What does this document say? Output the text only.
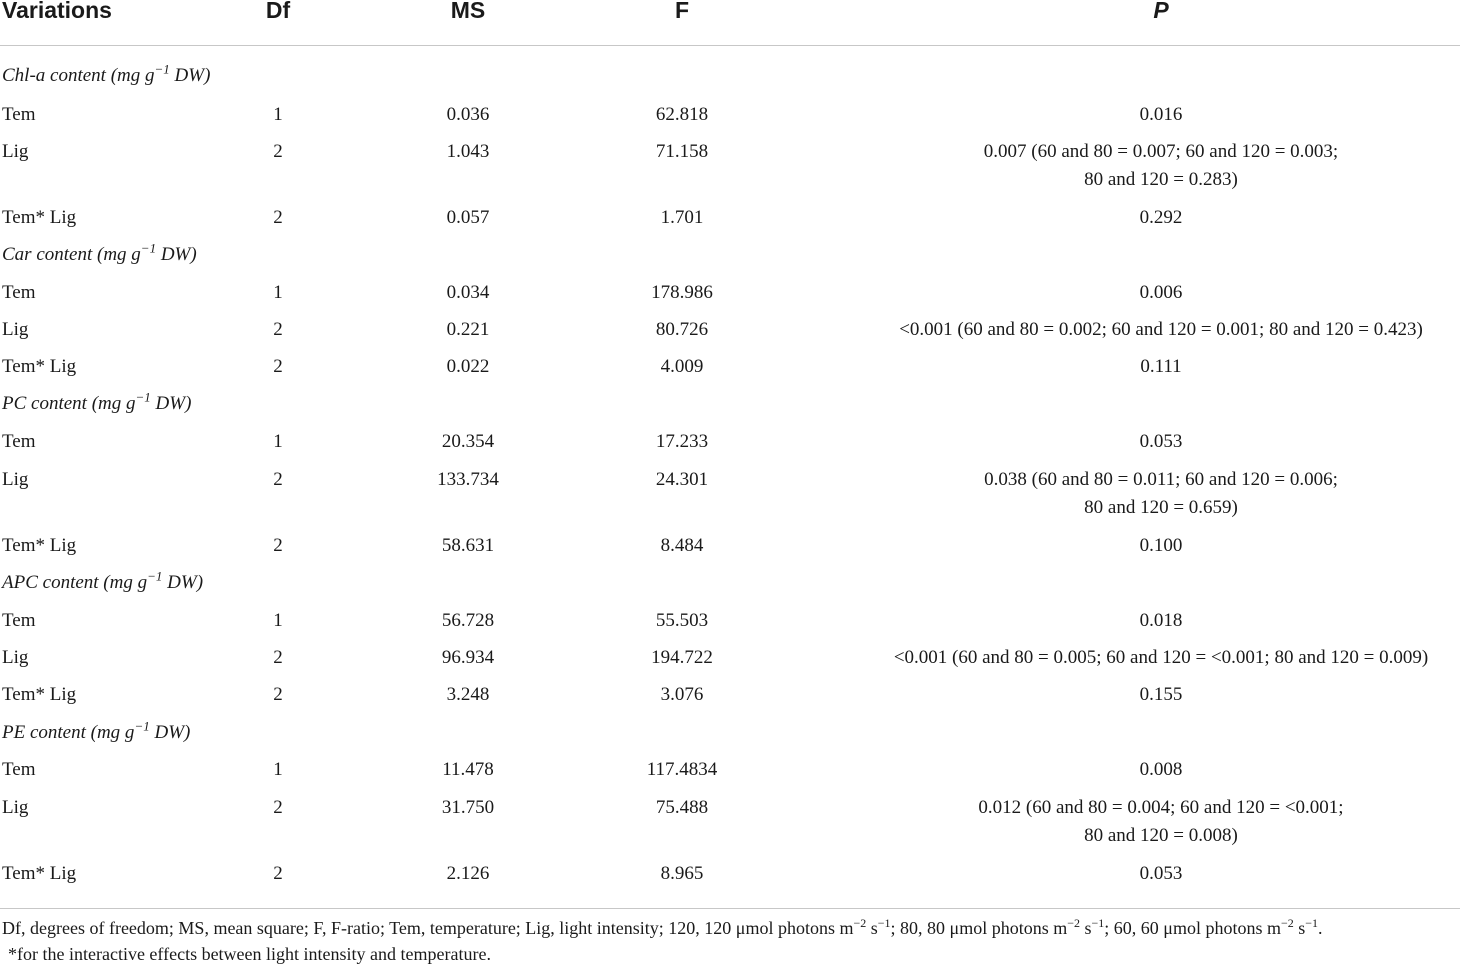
Variations	Df	MS	F	P
Chl-a content (mg $g^{-1}$ DW)
Tem	1	0.036	62.818	0.016
Lig	2	1.043	71.158	0.007 (60 and 80 = 0.007; 60 and 120 = 0.003;
80 and 120 = 0.283)
Tem* Lig	2	0.057	1.701	0.292
Car content (mg $g^{-1}$ DW)
Tem	1	0.034	178.986	0.006
Lig	2	0.221	80.726	<0.001 (60 and 80 = 0.002; 60 and 120 = 0.001; 80 and 120 = 0.423)
Tem* Lig	2	0.022	4.009	0.111
PC content (mg $g^{-1}$ DW)
Tem	1	20.354	17.233	0.053
Lig	2	133.734	24.301	0.038 (60 and 80 = 0.011; 60 and 120 = 0.006;
80 and 120 = 0.659)
Tem* Lig	2	58.631	8.484	0.100
APC content (mg $g^{-1}$ DW)
Tem	1	56.728	55.503	0.018
Lig	2	96.934	194.722	<0.001 (60 and 80 = 0.005; 60 and 120 = <0.001; 80 and 120 = 0.009)
Tem* Lig	2	3.248	3.076	0.155
PE content (mg $g^{-1}$ DW)
Tem	1	11.478	117.4834	0.008
Lig	2	31.750	75.488	0.012 (60 and 80 = 0.004; 60 and 120 = <0.001;
80 and 120 = 0.008)
Tem* Lig	2	2.126	8.965	0.053
Df, degrees of freedom; MS, mean square; F, F-ratio; Tem, temperature; Lig, light intensity; 120, 120 μmol photons $m^{-2}$ $s^{-1}$; 80, 80 μmol photons $m^{-2}$ $s^{-1}$; 60, 60 μmol photons $m^{-2}$ $s^{-1}$.
*for the interactive effects between light intensity and temperature.
